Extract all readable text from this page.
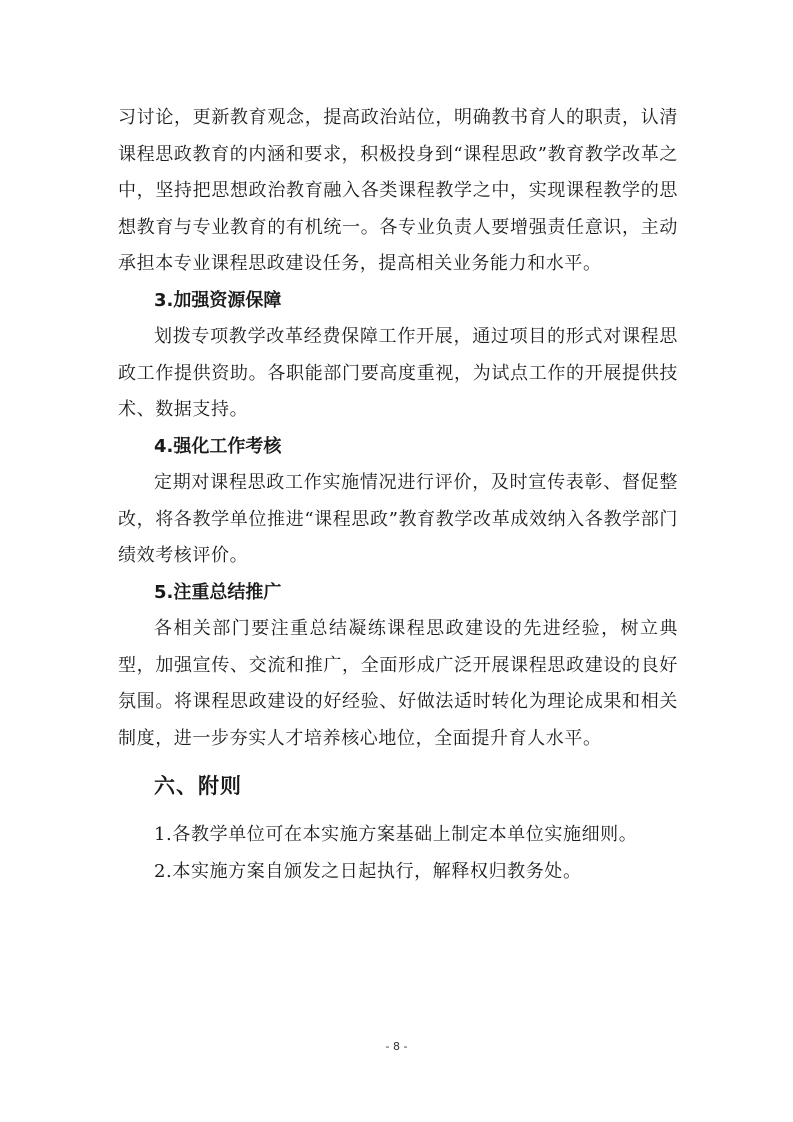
习讨论，更新教育观念，提高政治站位，明确教书育人的职责，认清课程思政教育的内涵和要求，积极投身到“课程思政”教育教学改革之中，坚持把思想政治教育融入各类课程教学之中，实现课程教学的思想教育与专业教育的有机统一。各专业负责人要增强责任意识，主动承担本专业课程思政建设任务，提高相关业务能力和水平。

3.加强资源保障

划拨专项教学改革经费保障工作开展，通过项目的形式对课程思政工作提供资助。各职能部门要高度重视，为试点工作的开展提供技术、数据支持。

4.强化工作考核

定期对课程思政工作实施情况进行评价，及时宣传表彰、督促整改，将各教学单位推进“课程思政”教育教学改革成效纳入各教学部门绩效考核评价。

5.注重总结推广

各相关部门要注重总结凝练课程思政建设的先进经验，树立典型，加强宣传、交流和推广，全面形成广泛开展课程思政建设的良好氛围。将课程思政建设的好经验、好做法适时转化为理论成果和相关制度，进一步夯实人才培养核心地位，全面提升育人水平。

六、附则

1.各教学单位可在本实施方案基础上制定本单位实施细则。

2.本实施方案自颁发之日起执行，解释权归教务处。

- 8 -
